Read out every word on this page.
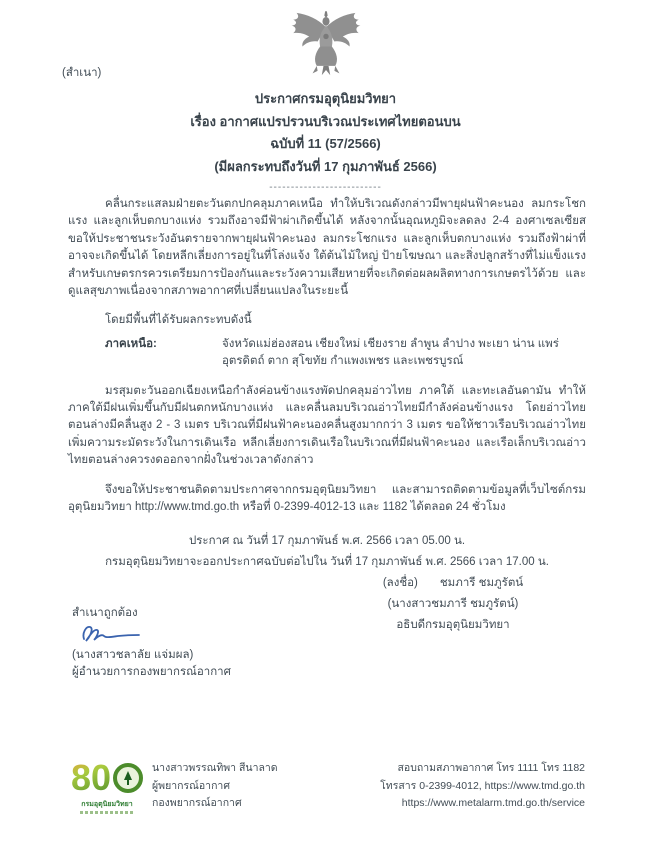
(สำเนา)
ประกาศกรมอุตุนิยมวิทยา
เรื่อง อากาศแปรปรวนบริเวณประเทศไทยตอนบน
ฉบับที่ 11 (57/2566)
(มีผลกระทบถึงวันที่ 17 กุมภาพันธ์ 2566)
--------------------------

คลื่นกระแสลมฝ่ายตะวันตกปกคลุมภาคเหนือ ทำให้บริเวณดังกล่าวมีพายุฝนฟ้าคะนอง ลมกระโชกแรง และลูกเห็บตกบางแห่ง รวมถึงอาจมีฟ้าผ่าเกิดขึ้นได้ หลังจากนั้นอุณหภูมิจะลดลง 2-4 องศาเซลเซียส ขอให้ประชาชนระวังอันตรายจากพายุฝนฟ้าคะนอง ลมกระโชกแรง และลูกเห็บตกบางแห่ง รวมถึงฟ้าผ่าที่อาจจะเกิดขึ้นได้ โดยหลีกเลี่ยงการอยู่ในที่โล่งแจ้ง ใต้ต้นไม้ใหญ่ ป้ายโฆษณา และสิ่งปลูกสร้างที่ไม่แข็งแรง สำหรับเกษตรกรควรเตรียมการป้องกันและระวังความเสียหายที่จะเกิดต่อผลผลิตทางการเกษตรไว้ด้วย และดูแลสุขภาพเนื่องจากสภาพอากาศที่เปลี่ยนแปลงในระยะนี้

โดยมีพื้นที่ได้รับผลกระทบดังนี้
ภาคเหนือ:	จังหวัดแม่ฮ่องสอน เชียงใหม่ เชียงราย ลำพูน ลำปาง พะเยา น่าน แพร่ อุตรดิตถ์ ตาก สุโขทัย กำแพงเพชร และเพชรบูรณ์

มรสุมตะวันออกเฉียงเหนือกำลังค่อนข้างแรงพัดปกคลุมอ่าวไทย ภาคใต้ และทะเลอันดามัน ทำให้ภาคใต้มีฝนเพิ่มขึ้นกับมีฝนตกหนักบางแห่ง และคลื่นลมบริเวณอ่าวไทยมีกำลังค่อนข้างแรง โดยอ่าวไทยตอนล่างมีคลื่นสูง 2 - 3 เมตร บริเวณที่มีฝนฟ้าคะนองคลื่นสูงมากกว่า 3 เมตร ขอให้ชาวเรือบริเวณอ่าวไทยเพิ่มความระมัดระวังในการเดินเรือ หลีกเลี่ยงการเดินเรือในบริเวณที่มีฝนฟ้าคะนอง และเรือเล็กบริเวณอ่าวไทยตอนล่างควรงดออกจากฝั่งในช่วงเวลาดังกล่าว

จึงขอให้ประชาชนติดตามประกาศจากกรมอุตุนิยมวิทยา และสามารถติดตามข้อมูลที่เว็บไซต์กรมอุตุนิยมวิทยา http://www.tmd.go.th หรือที่ 0-2399-4012-13 และ 1182 ได้ตลอด 24 ชั่วโมง

ประกาศ ณ วันที่ 17 กุมภาพันธ์ พ.ศ. 2566 เวลา 05.00 น.
กรมอุตุนิยมวิทยาจะออกประกาศฉบับต่อไปใน วันที่ 17 กุมภาพันธ์ พ.ศ. 2566 เวลา 17.00 น.
(ลงชื่อ) ชมภารี ชมภูรัตน์
(นางสาวชมภารี ชมภูรัตน์)
อธิบดีกรมอุตุนิยมวิทยา
สำเนาถูกต้อง
(นางสาวชลาลัย แจ่มผล)
ผู้อำนวยการกองพยากรณ์อากาศ
80
กรมอุตุนิยมวิทยา
นางสาวพรรณทิพา สีนาลาด
ผู้พยากรณ์อากาศ
กองพยากรณ์อากาศ
สอบถามสภาพอากาศ โทร 1111 โทร 1182
โทรสาร 0-2399-4012, https://www.tmd.go.th
https://www.metalarm.tmd.go.th/service
